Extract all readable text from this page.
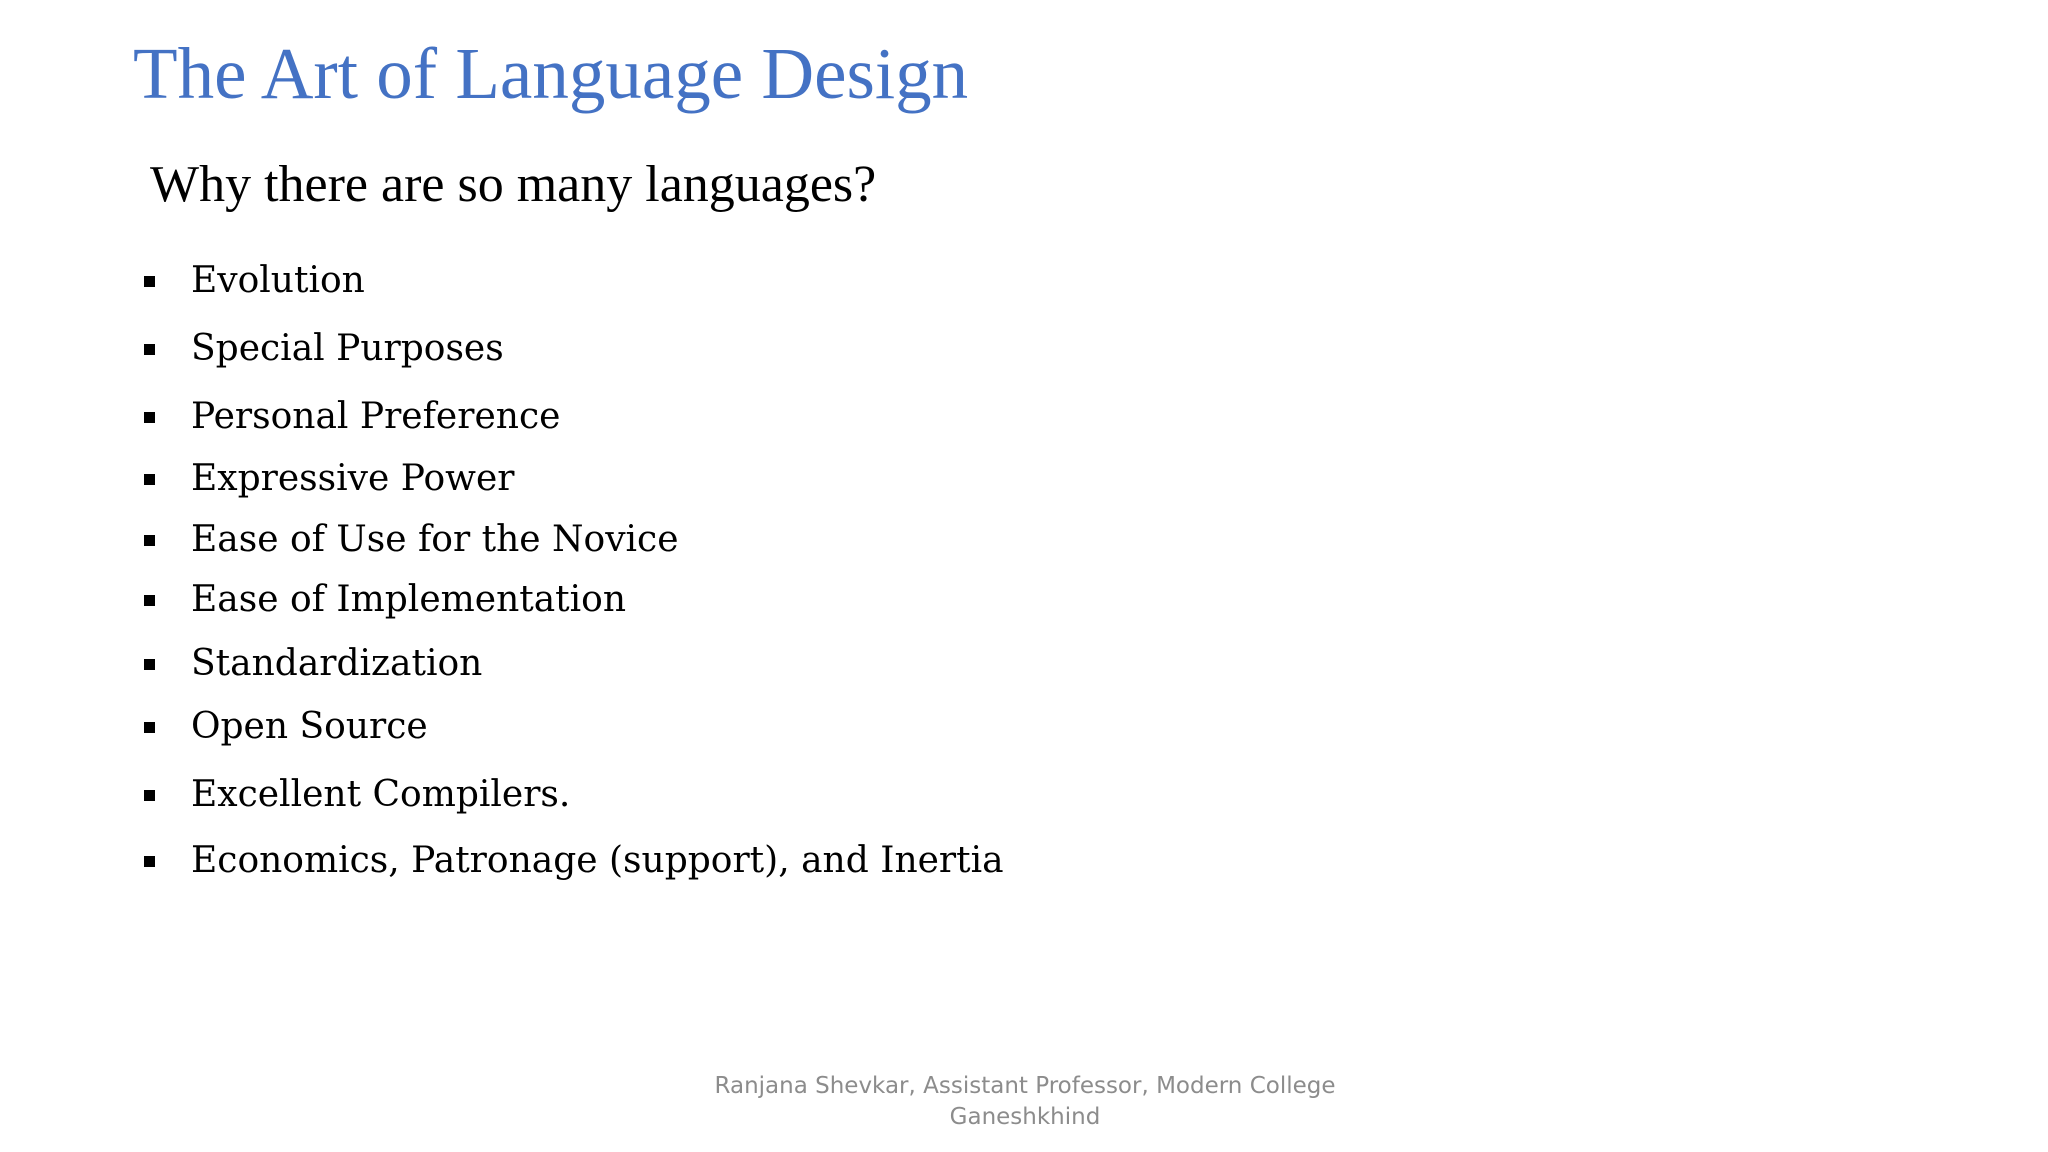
The Art of Language Design
Why there are so many languages?
Evolution
Special Purposes
Personal Preference
Expressive Power
Ease of Use for the Novice
Ease of Implementation
Standardization
Open Source
Excellent Compilers.
Economics, Patronage (support), and Inertia
Ranjana Shevkar, Assistant Professor, Modern College
Ganeshkhind
